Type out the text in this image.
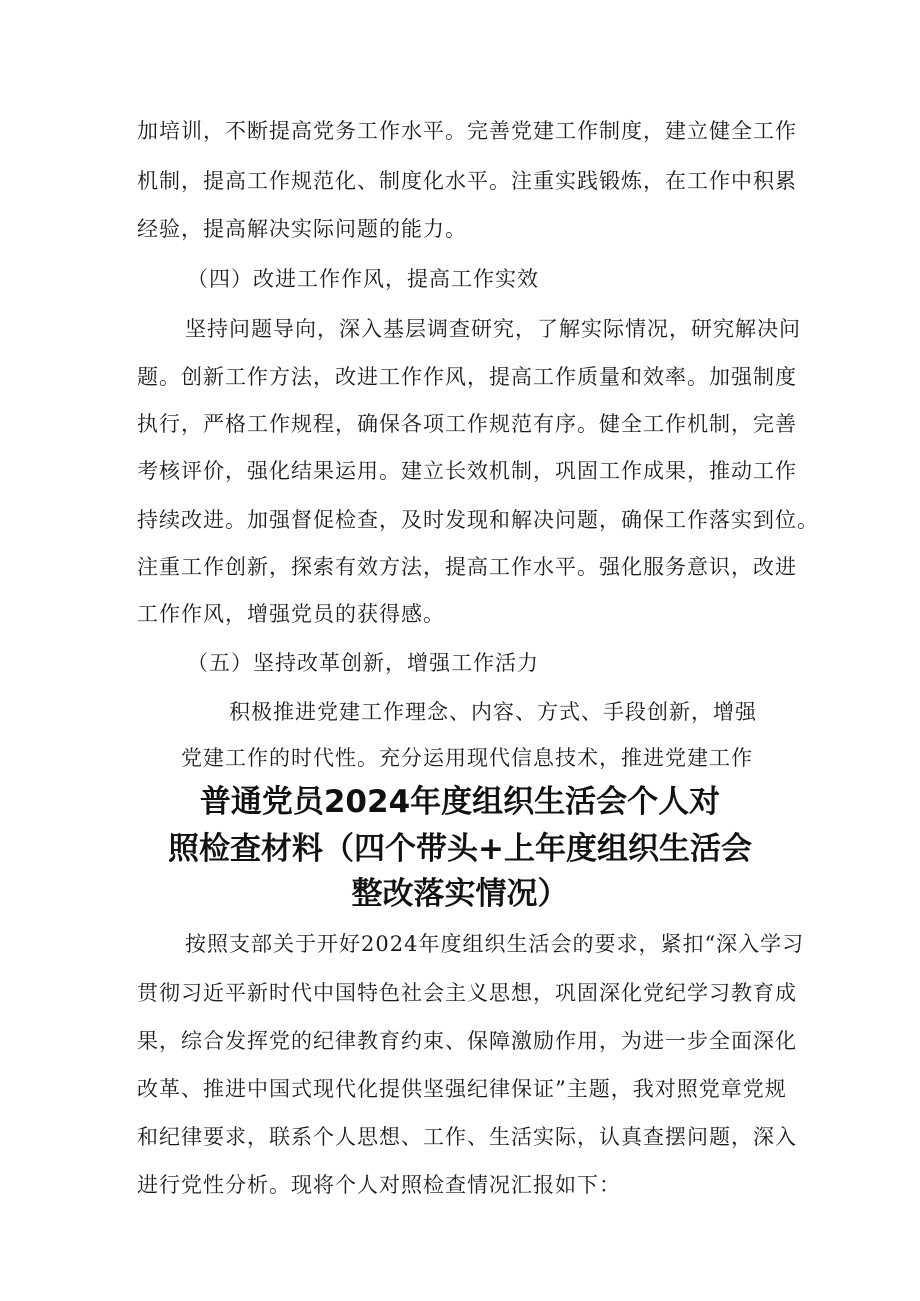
加培训，不断提高党务工作水平。完善党建工作制度，建立健全工作
机制，提高工作规范化、制度化水平。注重实践锻炼，在工作中积累
经验，提高解决实际问题的能力。
（四）改进工作作风，提高工作实效
坚持问题导向，深入基层调查研究，了解实际情况，研究解决问
题。创新工作方法，改进工作作风，提高工作质量和效率。加强制度
执行，严格工作规程，确保各项工作规范有序。健全工作机制，完善
考核评价，强化结果运用。建立长效机制，巩固工作成果，推动工作
持续改进。加强督促检查，及时发现和解决问题，确保工作落实到位。
注重工作创新，探索有效方法，提高工作水平。强化服务意识，改进
工作作风，增强党员的获得感。
（五）坚持改革创新，增强工作活力
积极推进党建工作理念、内容、方式、手段创新，增强
党建工作的时代性。充分运用现代信息技术，推进党建工作
普通党员2024年度组织生活会个人对
照检查材料（四个带头+上年度组织生活会
整改落实情况）
按照支部关于开好2024年度组织生活会的要求，紧扣“深入学习
贯彻习近平新时代中国特色社会主义思想，巩固深化党纪学习教育成
果，综合发挥党的纪律教育约束、保障激励作用，为进一步全面深化
改革、推进中国式现代化提供坚强纪律保证”主题，我对照党章党规
和纪律要求，联系个人思想、工作、生活实际，认真查摆问题，深入
进行党性分析。现将个人对照检查情况汇报如下：
